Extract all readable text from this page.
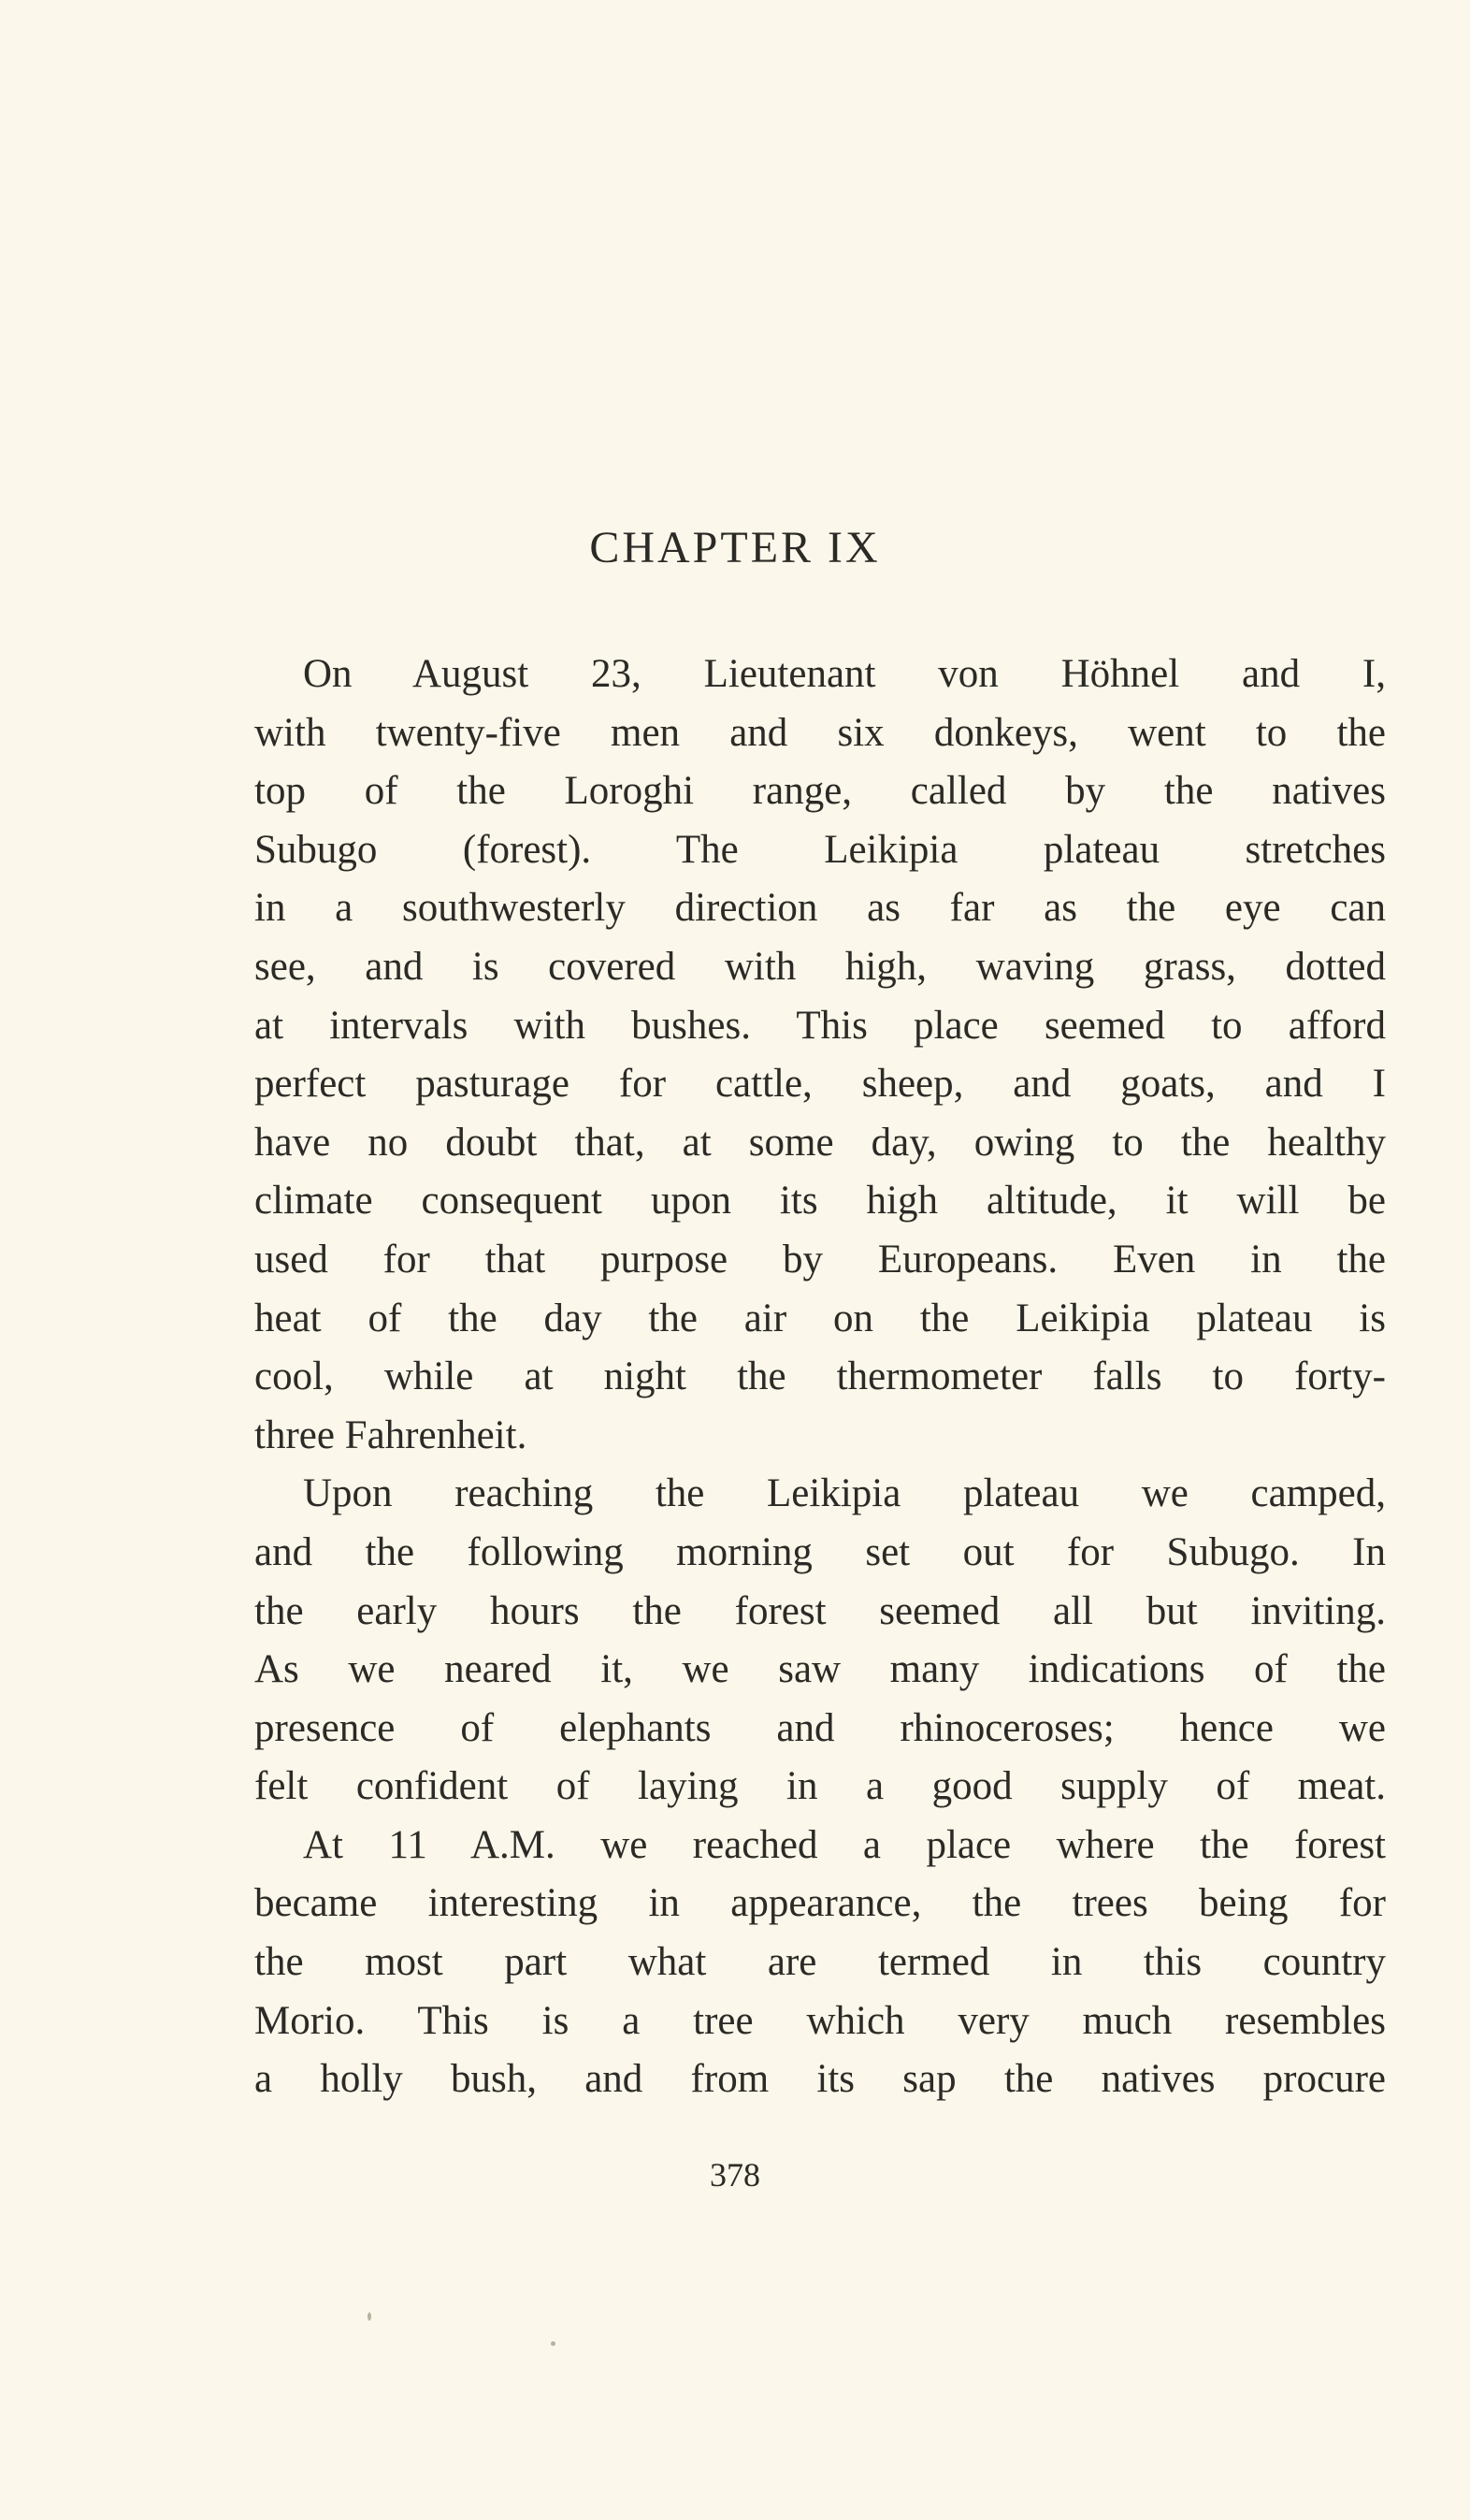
CHAPTER IX
On August 23, Lieutenant von Höhnel and I,
with twenty-five men and six donkeys, went to the
top of the Loroghi range, called by the natives
Subugo (forest). The Leikipia plateau stretches
in a southwesterly direction as far as the eye can
see, and is covered with high, waving grass, dotted
at intervals with bushes. This place seemed to afford
perfect pasturage for cattle, sheep, and goats, and I
have no doubt that, at some day, owing to the healthy
climate consequent upon its high altitude, it will be
used for that purpose by Europeans. Even in the
heat of the day the air on the Leikipia plateau is
cool, while at night the thermometer falls to forty-
three Fahrenheit.
Upon reaching the Leikipia plateau we camped,
and the following morning set out for Subugo. In
the early hours the forest seemed all but inviting.
As we neared it, we saw many indications of the
presence of elephants and rhinoceroses; hence we
felt confident of laying in a good supply of meat.
At 11 A.M. we reached a place where the forest
became interesting in appearance, the trees being for
the most part what are termed in this country
Morio. This is a tree which very much resembles
a holly bush, and from its sap the natives procure
378
